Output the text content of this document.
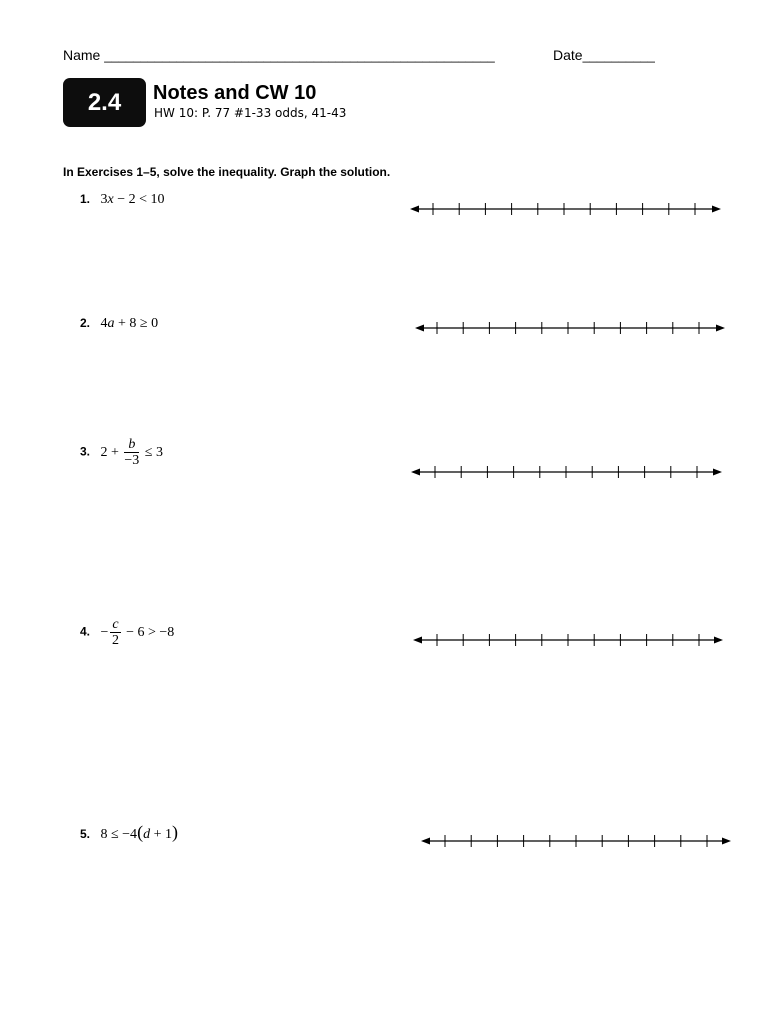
Name ______________________________________________________	Date__________
2.4	Notes and CW 10
HW 10: P. 77 #1-33 odds, 41-43
In Exercises 1–5, solve the inequality. Graph the solution.
1. 3x − 2 < 10
2. 4a + 8 ≥ 0
3. $2 + \frac{b}{-3} \le 3$
4. − $\frac{c}{2} - 6 > -8$
5. 8 ≤ −4(d + 1)
